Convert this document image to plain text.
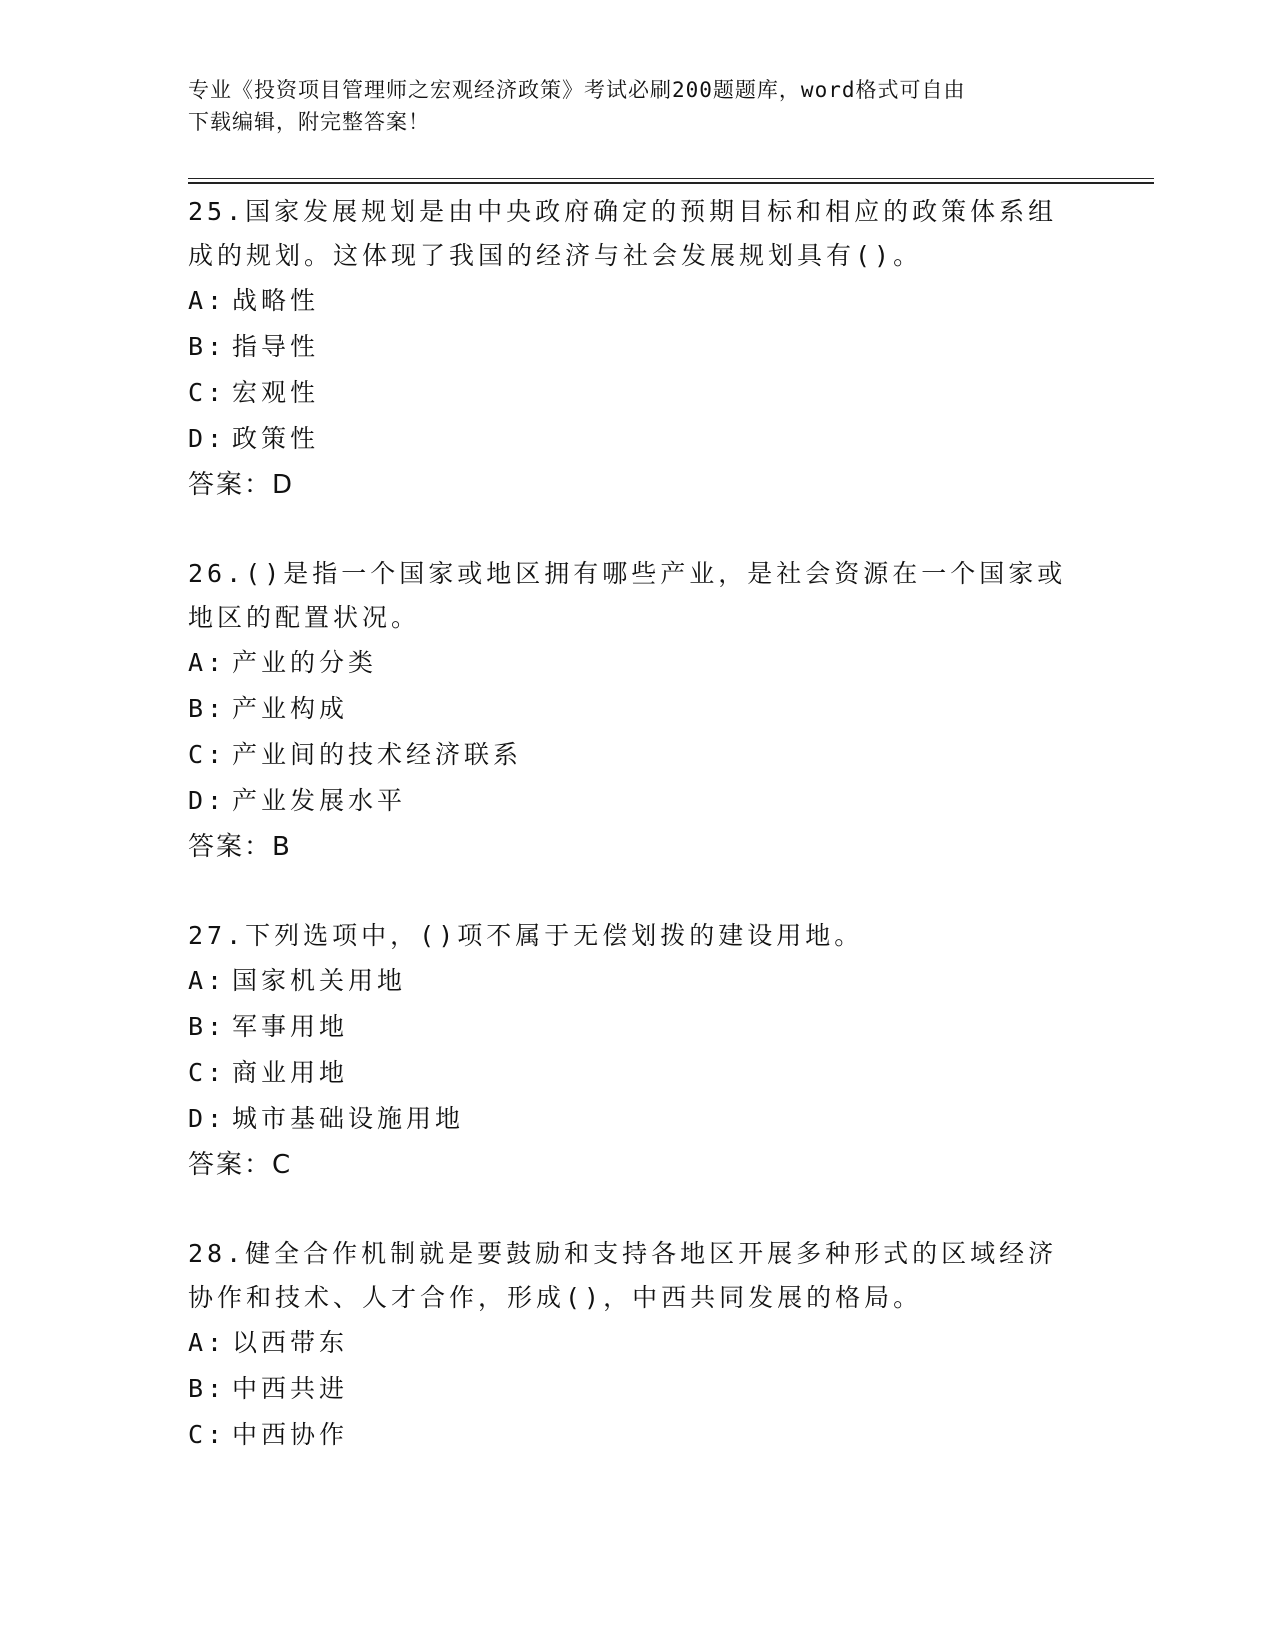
专业《投资项目管理师之宏观经济政策》考试必刷200题题库，word格式可自由
下载编辑，附完整答案！

25.国家发展规划是由中央政府确定的预期目标和相应的政策体系组成的规划。这体现了我国的经济与社会发展规划具有()。

A: 战略性

B: 指导性

C: 宏观性

D: 政策性

答案：D

26.()是指一个国家或地区拥有哪些产业，是社会资源在一个国家或地区的配置状况。

A: 产业的分类

B: 产业构成

C: 产业间的技术经济联系

D: 产业发展水平

答案：B

27.下列选项中，()项不属于无偿划拨的建设用地。

A: 国家机关用地

B: 军事用地

C: 商业用地

D: 城市基础设施用地

答案：C

28.健全合作机制就是要鼓励和支持各地区开展多种形式的区域经济协作和技术、人才合作，形成()，中西共同发展的格局。

A: 以西带东

B: 中西共进

C: 中西协作
